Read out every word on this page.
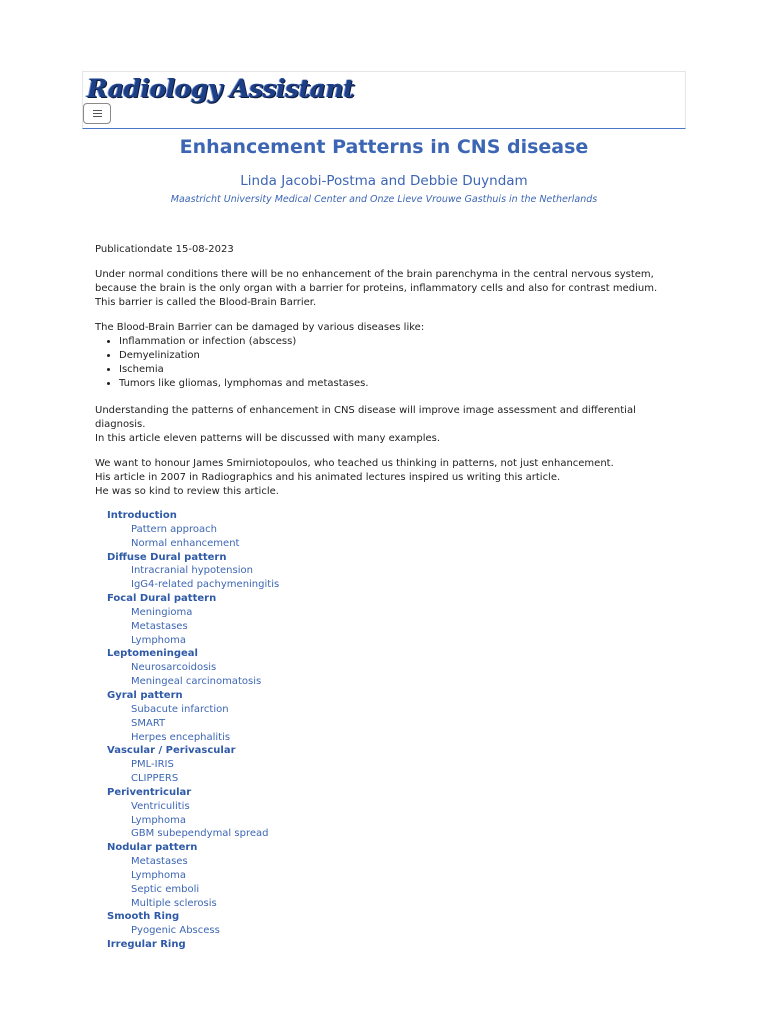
Radiology Assistant
Enhancement Patterns in CNS disease
Linda Jacobi-Postma and Debbie Duyndam
Maastricht University Medical Center and Onze Lieve Vrouwe Gasthuis in the Netherlands

Publicationdate 15-08-2023

Under normal conditions there will be no enhancement of the brain parenchyma in the central nervous system, because the brain is the only organ with a barrier for proteins, inflammatory cells and also for contrast medium.
This barrier is called the Blood-Brain Barrier.

The Blood-Brain Barrier can be damaged by various diseases like:
• Inflammation or infection (abscess)
• Demyelinization
• Ischemia
• Tumors like gliomas, lymphomas and metastases.

Understanding the patterns of enhancement in CNS disease will improve image assessment and differential diagnosis.
In this article eleven patterns will be discussed with many examples.

We want to honour James Smirniotopoulos, who teached us thinking in patterns, not just enhancement.
His article in 2007 in Radiographics and his animated lectures inspired us writing this article.
He was so kind to review this article.

Introduction
Pattern approach
Normal enhancement
Diffuse Dural pattern
Intracranial hypotension
IgG4-related pachymeningitis
Focal Dural pattern
Meningioma
Metastases
Lymphoma
Leptomeningeal
Neurosarcoidosis
Meningeal carcinomatosis
Gyral pattern
Subacute infarction
SMART
Herpes encephalitis
Vascular / Perivascular
PML-IRIS
CLIPPERS
Periventricular
Ventriculitis
Lymphoma
GBM subependymal spread
Nodular pattern
Metastases
Lymphoma
Septic emboli
Multiple sclerosis
Smooth Ring
Pyogenic Abscess
Irregular Ring
